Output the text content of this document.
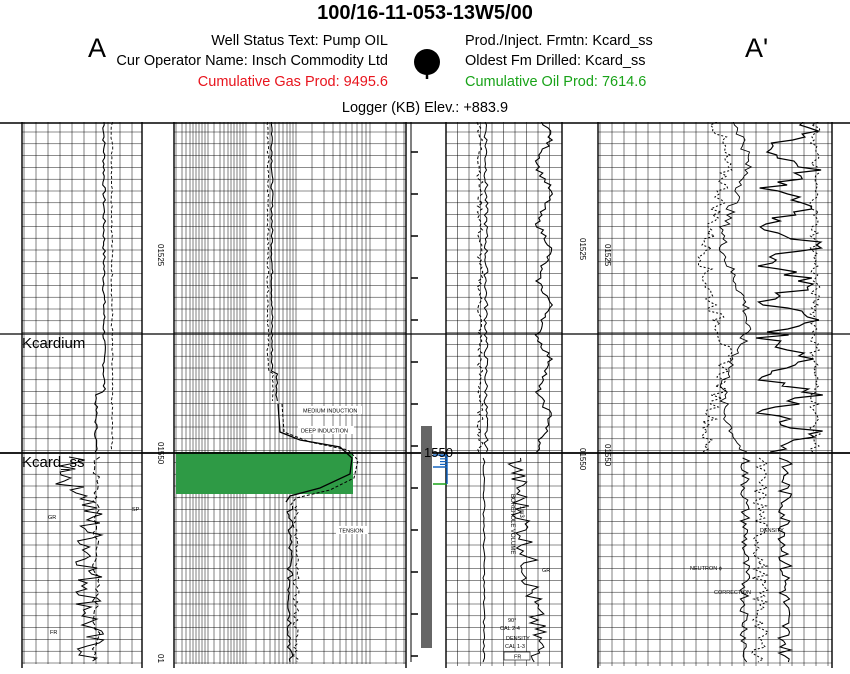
100/16-11-053-13W5/00
A	A'
Well Status Text: Pump OIL
Cur Operator Name: Insch Commodity Ltd
Cumulative Gas Prod: 9495.6
Prod./Inject. Frmtn: Kcard_ss
Oldest Fm Drilled: Kcard_ss
Cumulative Oil Prod: 7614.6
Logger (KB) Elev.: +883.9
01525
01550
01
01525
01550
01525
01550
BOREHOLE VOLUME 1m3
MEDIUM INDUCTION
DEEP INDUCTION
TENSION
GR
SP
FR
GR
90°
CAL 2-4
DENSITY
CAL 1-3
FR
DENSITY
NEUTRON ϕ
CORRECTION
Kcardium
Kcard_ss
1550
